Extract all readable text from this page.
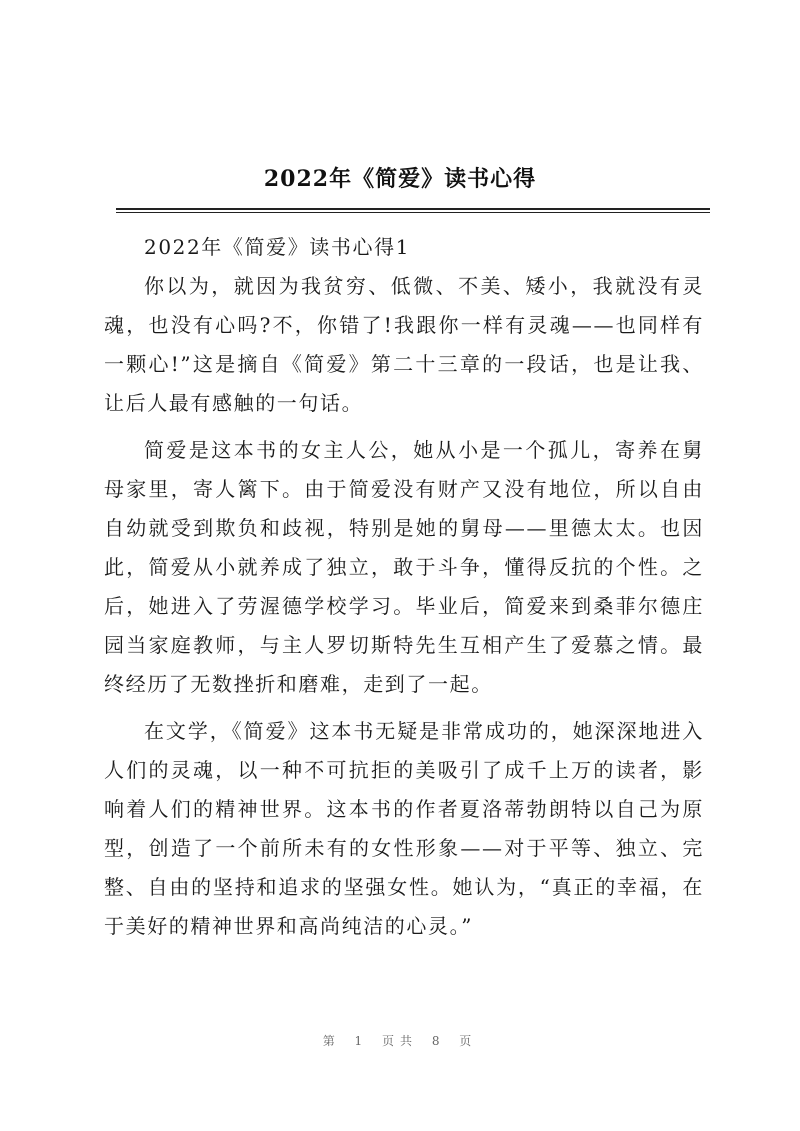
2022年《简爱》读书心得

2022年《简爱》读书心得1

你以为，就因为我贫穷、低微、不美、矮小，我就没有灵魂，也没有心吗?不，你错了!我跟你一样有灵魂——也同样有一颗心!”这是摘自《简爱》第二十三章的一段话，也是让我、让后人最有感触的一句话。

简爱是这本书的女主人公，她从小是一个孤儿，寄养在舅母家里，寄人篱下。由于简爱没有财产又没有地位，所以自由自幼就受到欺负和歧视，特别是她的舅母——里德太太。也因此，简爱从小就养成了独立，敢于斗争，懂得反抗的个性。之后，她进入了劳渥德学校学习。毕业后，简爱来到桑菲尔德庄园当家庭教师，与主人罗切斯特先生互相产生了爱慕之情。最终经历了无数挫折和磨难，走到了一起。

在文学，《简爱》这本书无疑是非常成功的，她深深地进入人们的灵魂，以一种不可抗拒的美吸引了成千上万的读者，影响着人们的精神世界。这本书的作者夏洛蒂勃朗特以自己为原型，创造了一个前所未有的女性形象——对于平等、独立、完整、自由的坚持和追求的坚强女性。她认为，“真正的幸福，在于美好的精神世界和高尚纯洁的心灵。”

第 1 页共 8 页
